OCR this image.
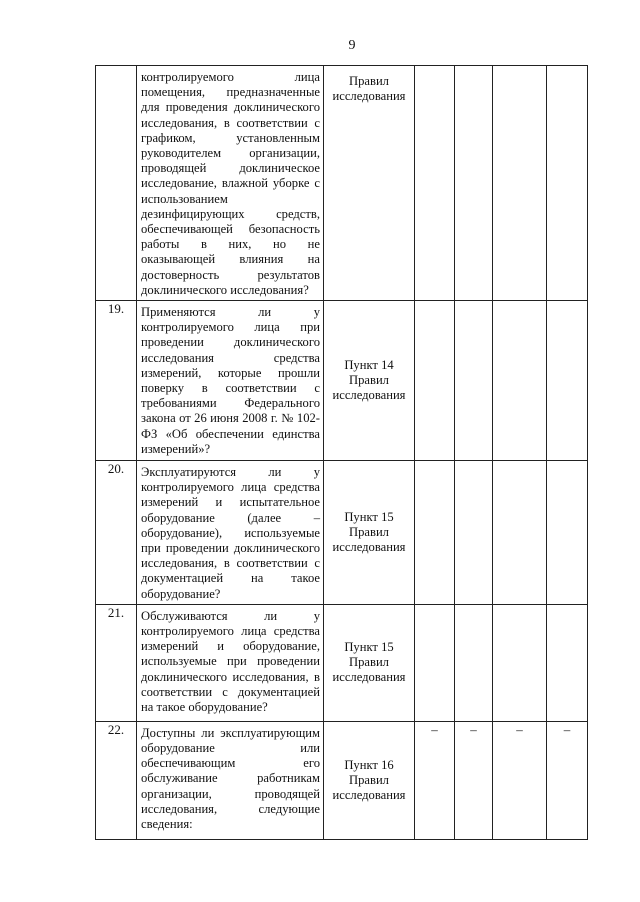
9
	контролируемого лица помещения, предназначенные для проведения доклинического исследования, в соответствии с графиком, установленным руководителем организации, проводящей доклиническое исследование, влажной уборке с использованием дезинфицирующих средств, обеспечивающей безопасность работы в них, но не оказывающей влияния на достоверность результатов доклинического исследования?	Правил исследования				
19.	Применяются ли у контролируемого лица при проведении доклинического исследования средства измерений, которые прошли поверку в соответствии с требованиями Федерального закона от 26 июня 2008 г. № 102-ФЗ «Об обеспечении единства измерений»?	Пункт 14 Правил исследования				
20.	Эксплуатируются ли у контролируемого лица средства измерений и испытательное оборудование (далее – оборудование), используемые при проведении доклинического исследования, в соответствии с документацией на такое оборудование?	Пункт 15 Правил исследования				
21.	Обслуживаются ли у контролируемого лица средства измерений и оборудование, используемые при проведении доклинического исследования, в соответствии с документацией на такое оборудование?	Пункт 15 Правил исследования				
22.	Доступны ли эксплуатирующим оборудование или обеспечивающим его обслуживание работникам организации, проводящей исследования, следующие сведения:	Пункт 16 Правил исследования	–	–	–	–
